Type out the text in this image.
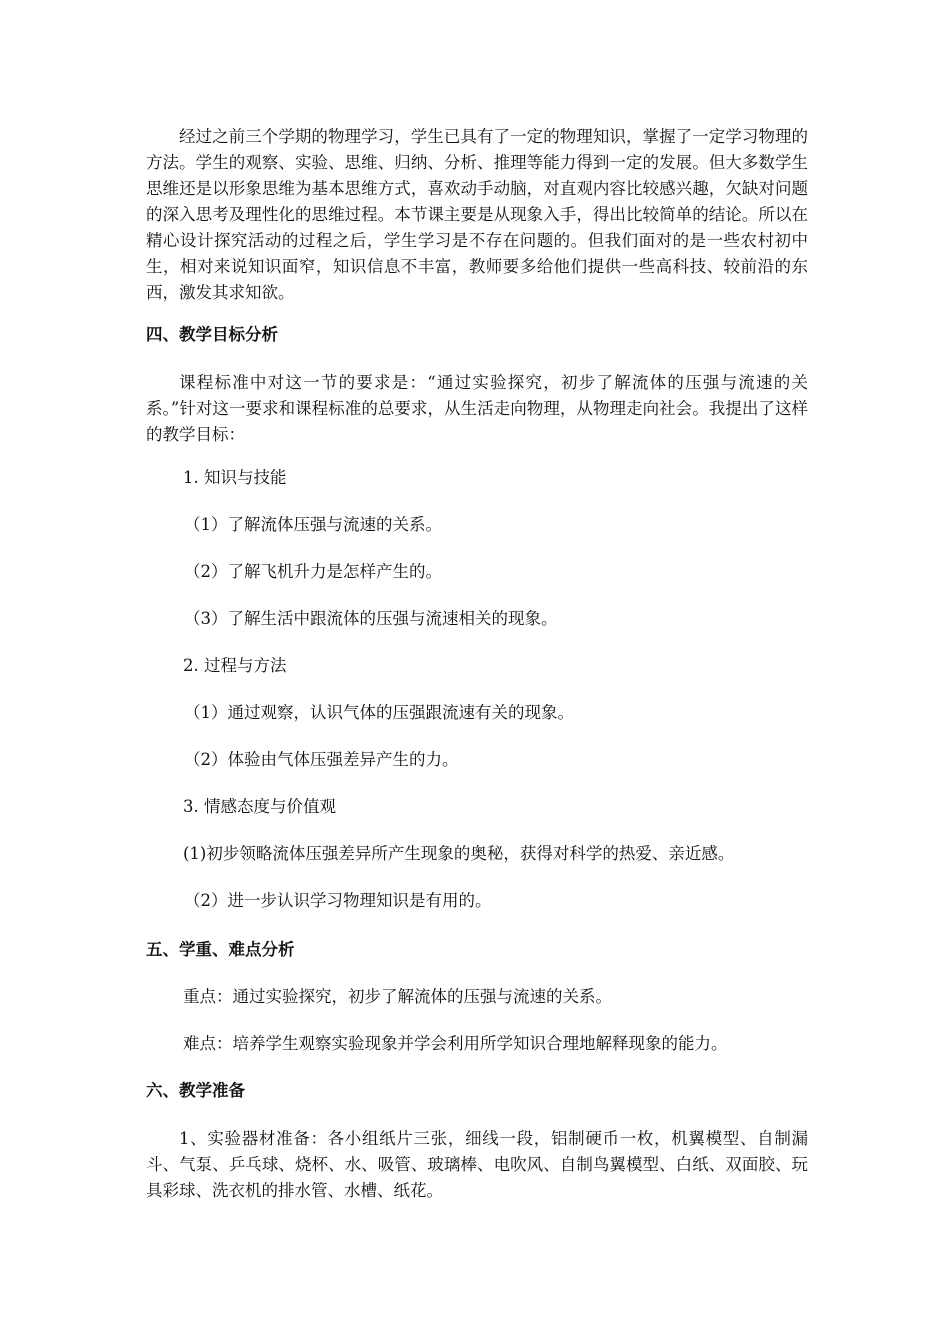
经过之前三个学期的物理学习，学生已具有了一定的物理知识，掌握了一定学习物理的方法。学生的观察、实验、思维、归纳、分析、推理等能力得到一定的发展。但大多数学生思维还是以形象思维为基本思维方式，喜欢动手动脑，对直观内容比较感兴趣，欠缺对问题的深入思考及理性化的思维过程。本节课主要是从现象入手，得出比较简单的结论。所以在精心设计探究活动的过程之后，学生学习是不存在问题的。但我们面对的是一些农村初中生，相对来说知识面窄，知识信息不丰富，教师要多给他们提供一些高科技、较前沿的东西，激发其求知欲。

四、教学目标分析

课程标准中对这一节的要求是：“通过实验探究，初步了解流体的压强与流速的关系。”针对这一要求和课程标准的总要求，从生活走向物理，从物理走向社会。我提出了这样的教学目标：

1. 知识与技能

（1）了解流体压强与流速的关系。

（2）了解飞机升力是怎样产生的。

（3）了解生活中跟流体的压强与流速相关的现象。

2. 过程与方法

（1）通过观察，认识气体的压强跟流速有关的现象。

（2）体验由气体压强差异产生的力。

3. 情感态度与价值观

(1)初步领略流体压强差异所产生现象的奥秘，获得对科学的热爱、亲近感。

（2）进一步认识学习物理知识是有用的。

五、学重、难点分析

重点：通过实验探究，初步了解流体的压强与流速的关系。

难点：培养学生观察实验现象并学会利用所学知识合理地解释现象的能力。

六、教学准备

1、实验器材准备：各小组纸片三张，细线一段，铝制硬币一枚，机翼模型、自制漏斗、气泵、乒乓球、烧杯、水、吸管、玻璃棒、电吹风、自制鸟翼模型、白纸、双面胶、玩具彩球、洗衣机的排水管、水槽、纸花。
